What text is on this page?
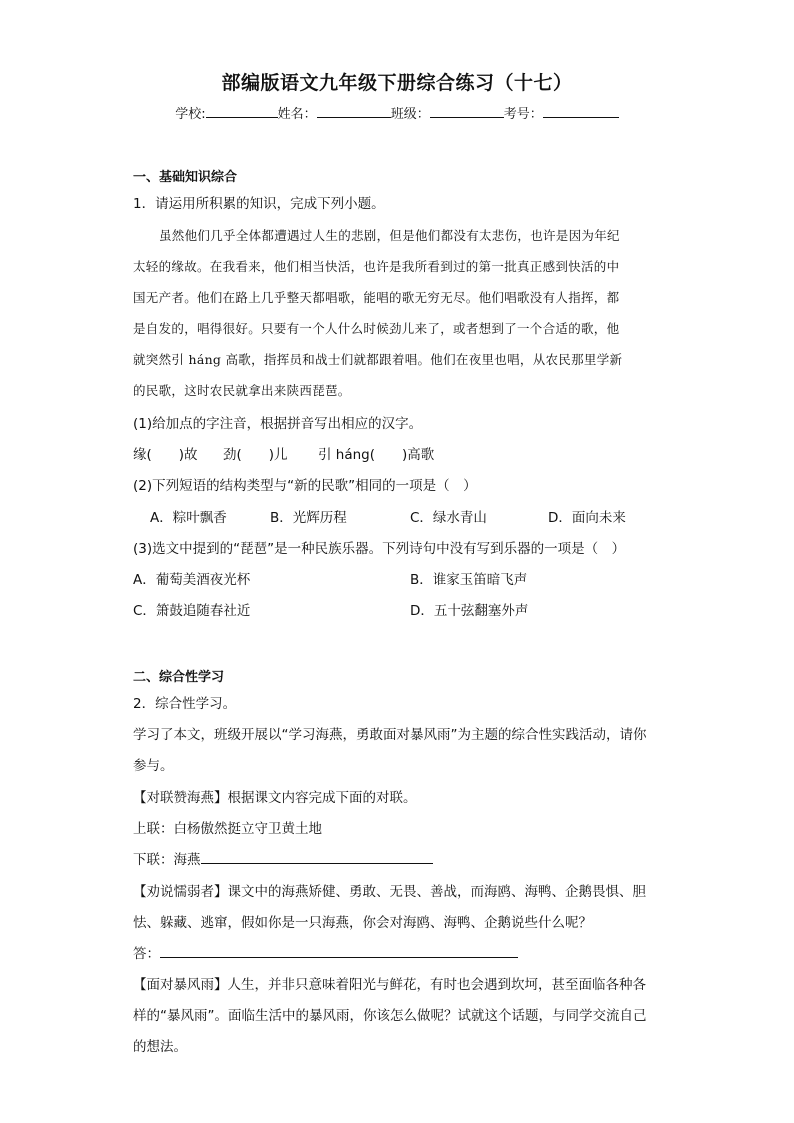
部编版语文九年级下册综合练习（十七）
学校:	姓名：	班级：	考号：
一、基础知识综合
1．请运用所积累的知识，完成下列小题。
虽然他们几乎全体都遭遇过人生的悲剧，但是他们都没有太悲伤，也许是因为年纪
太轻的缘故。在我看来，他们相当快活，也许是我所看到过的第一批真正感到快活的中
国无产者。他们在路上几乎整天都唱歌，能唱的歌无穷无尽。他们唱歌没有人指挥，都
是自发的，唱得很好。只要有一个人什么时候劲儿来了，或者想到了一个合适的歌，他
就突然引 háng 高歌，指挥员和战士们就都跟着唱。他们在夜里也唱，从农民那里学新
的民歌，这时农民就拿出来陕西琵琶。
(1)给加点的字注音，根据拼音写出相应的汉字。
缘(　　)故 劲(　　)儿 引 háng(　　)高歌
(2)下列短语的结构类型与“新的民歌”相同的一项是（　）
A．粽叶飘香	B．光辉历程	C．绿水青山	D．面向未来
(3)选文中提到的“琵琶”是一种民族乐器。下列诗句中没有写到乐器的一项是（　）
A．葡萄美酒夜光杯	B．谁家玉笛暗飞声
C．箫鼓追随春社近	D．五十弦翻塞外声
二、综合性学习
2．综合性学习。
学习了本文，班级开展以“学习海燕，勇敢面对暴风雨”为主题的综合性实践活动，请你
参与。
【对联赞海燕】根据课文内容完成下面的对联。
上联：白杨傲然挺立守卫黄土地
下联：海燕
【劝说懦弱者】课文中的海燕矫健、勇敢、无畏、善战，而海鸥、海鸭、企鹅畏惧、胆
怯、躲藏、逃窜，假如你是一只海燕，你会对海鸥、海鸭、企鹅说些什么呢？
答：
【面对暴风雨】人生，并非只意味着阳光与鲜花，有时也会遇到坎坷，甚至面临各种各
样的“暴风雨”。面临生活中的暴风雨，你该怎么做呢？试就这个话题，与同学交流自己
的想法。
